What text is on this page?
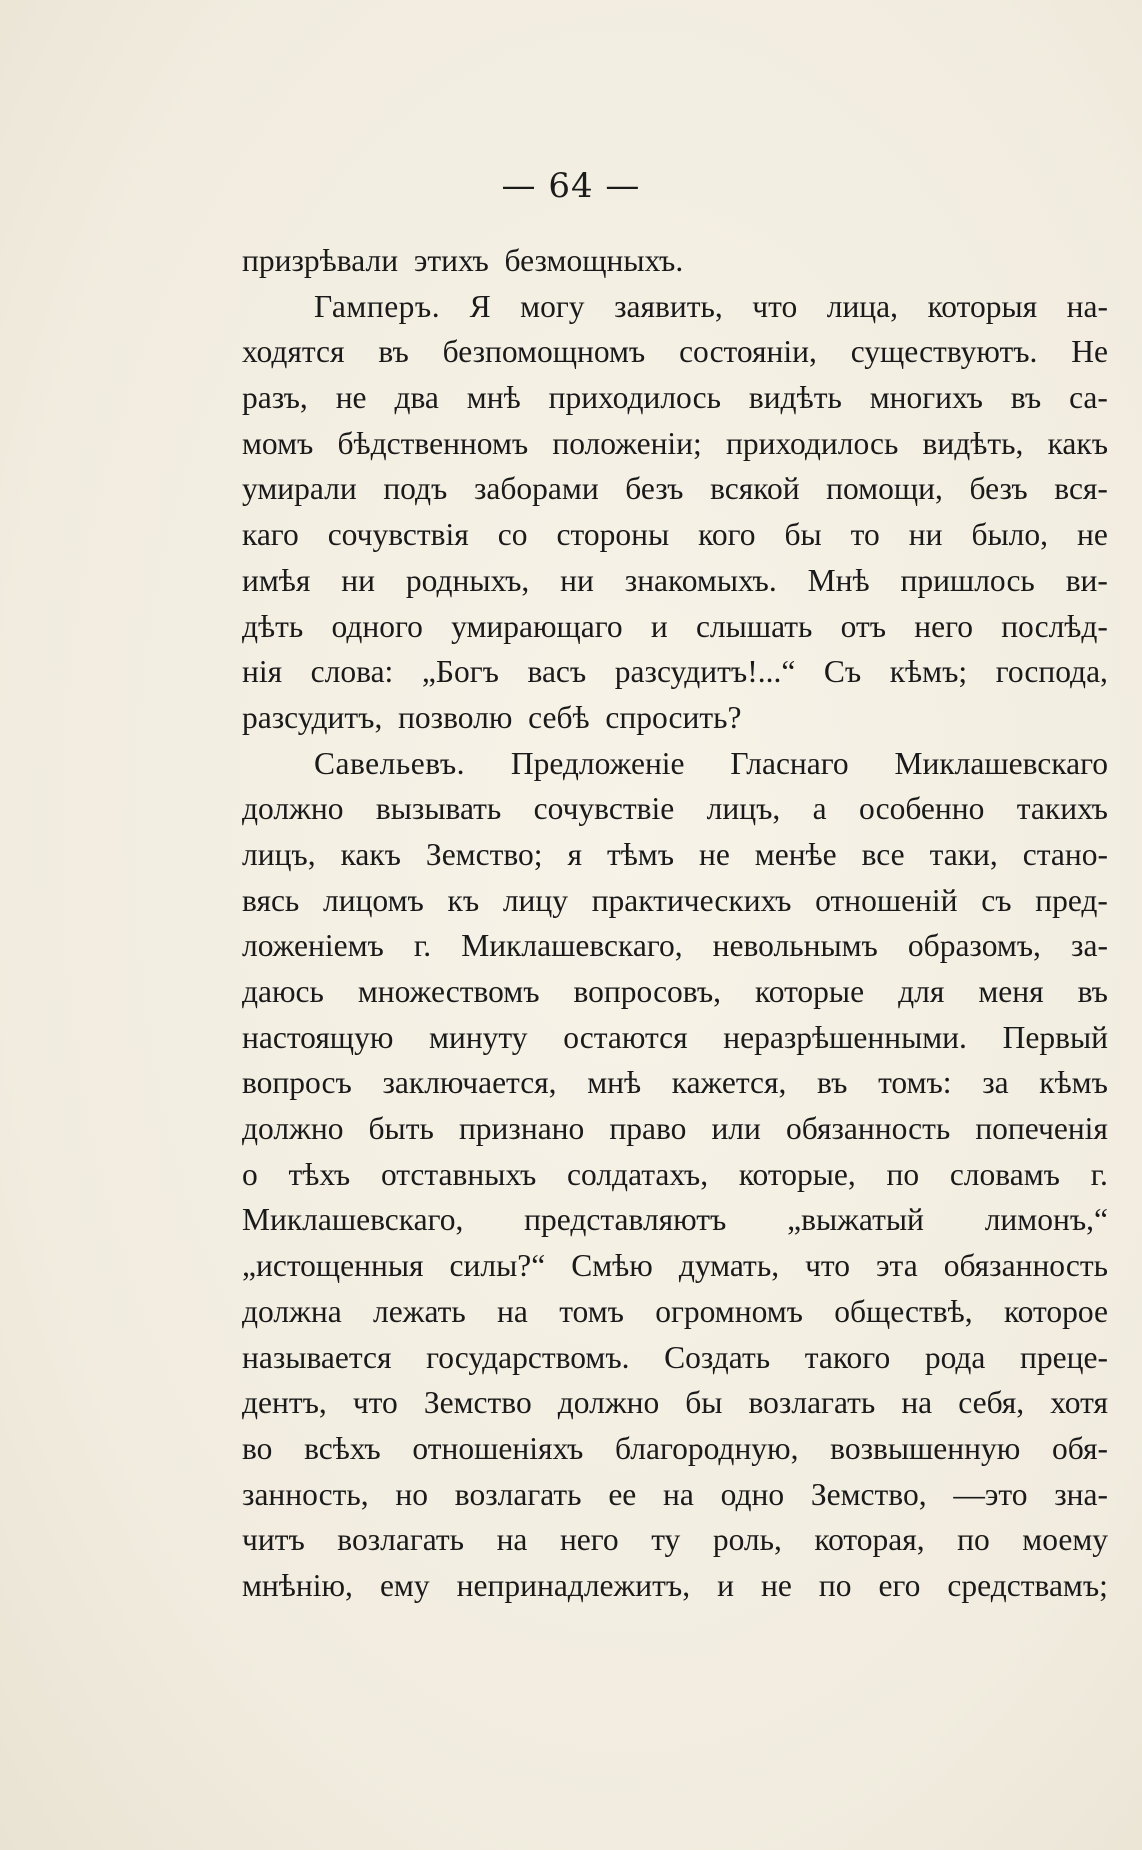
— 64 —
призрѣвали
этихъ
безмощныхъ.
Гамперъ. Я могу заявить, что лица, которыя на-
ходятся въ безпомощномъ состоянiи, существуютъ. Не
разъ, не два мнѣ приходилось видѣть многихъ въ са-
момъ бѣдственномъ положенiи; приходилось видѣть, какъ
умирали подъ заборами безъ всякой помощи, безъ вся-
каго сочувствiя со стороны кого бы то ни было, не
имѣя ни родныхъ, ни знакомыхъ. Мнѣ пришлось ви-
дѣть одного умирающаго и слышать отъ него послѣд-
нiя слова: „Богъ васъ разсудитъ!...“ Съ кѣмъ; господа,
разсудитъ,
позволю
себѣ
спросить?
Савельевъ. Предложенiе Гласнаго Миклашевскаго
должно вызывать сочувствiе лицъ, а особенно такихъ
лицъ, какъ Земство; я тѣмъ не менѣе все таки, стано-
вясь лицомъ къ лицу практическихъ отношенiй съ пред-
ложенiемъ г. Миклашевскаго, невольнымъ образомъ, за-
даюсь множествомъ вопросовъ, которые для меня въ
настоящую минуту остаются неразрѣшенными. Первый
вопросъ заключается, мнѣ кажется, въ томъ: за кѣмъ
должно быть признано право или обязанность попеченiя
о тѣхъ отставныхъ солдатахъ, которые, по словамъ г.
Миклашевскаго, представляютъ „выжатый лимонъ,“
„истощенныя силы?“ Смѣю думать, что эта обязанность
должна лежать на томъ огромномъ обществѣ, которое
называется государствомъ. Создать такого рода преце-
дентъ, что Земство должно бы возлагать на себя, хотя
во всѣхъ отношенiяхъ благородную, возвышенную обя-
занность, но возлагать ее на одно Земство, —это зна-
читъ возлагать на него ту роль, которая, по моему
мнѣнiю, ему непринадлежитъ, и не по его средствамъ;
